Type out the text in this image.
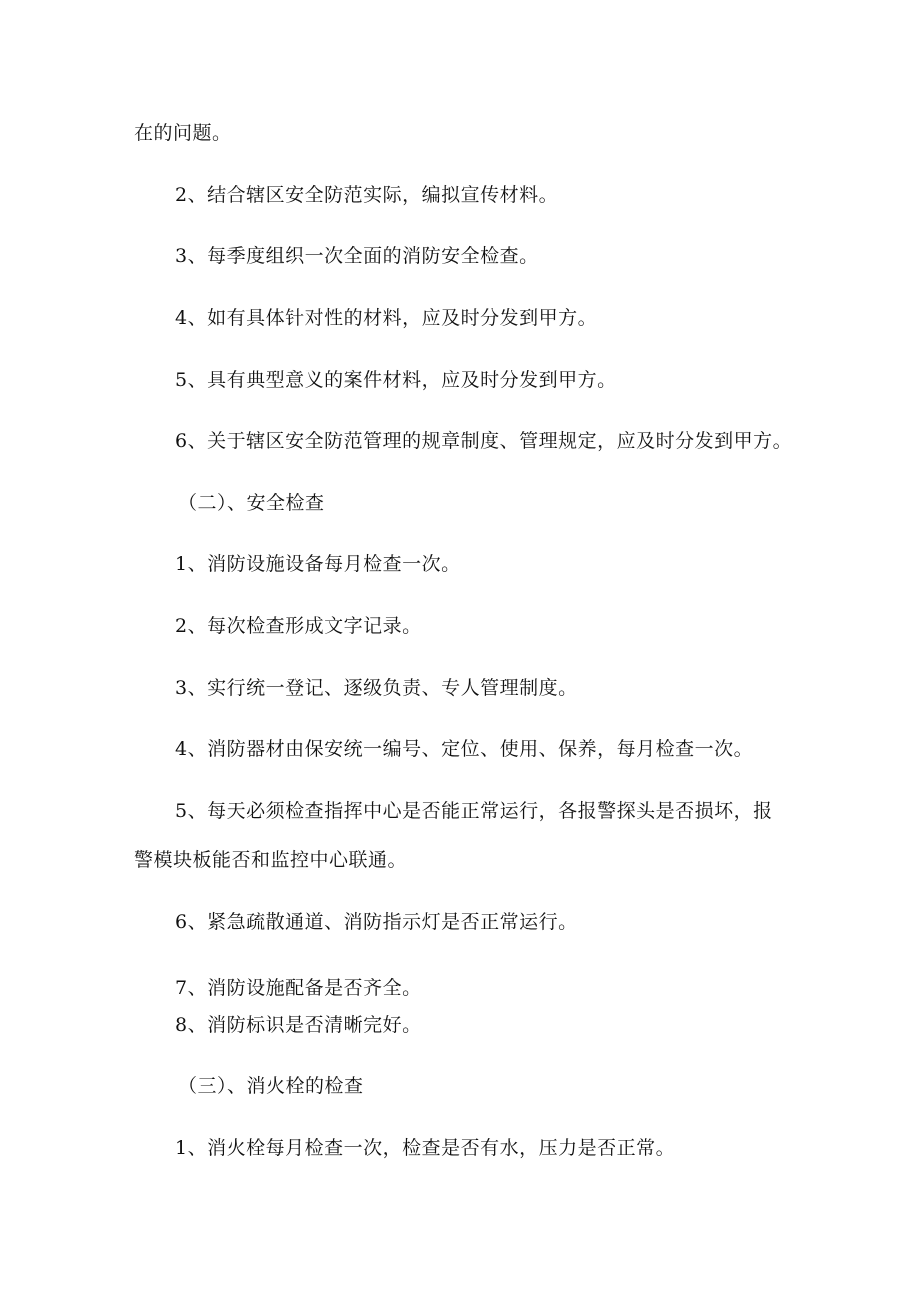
在的问题。
2、结合辖区安全防范实际，编拟宣传材料。
3、每季度组织一次全面的消防安全检查。
4、如有具体针对性的材料，应及时分发到甲方。
5、具有典型意义的案件材料，应及时分发到甲方。
6、关于辖区安全防范管理的规章制度、管理规定，应及时分发到甲方。
（二）、安全检查
1、消防设施设备每月检查一次。
2、每次检查形成文字记录。
3、实行统一登记、逐级负责、专人管理制度。
4、消防器材由保安统一编号、定位、使用、保养，每月检查一次。
5、每天必须检查指挥中心是否能正常运行，各报警探头是否损坏，报
警模块板能否和监控中心联通。
6、紧急疏散通道、消防指示灯是否正常运行。
7、消防设施配备是否齐全。
8、消防标识是否清晰完好。
（三）、消火栓的检查
1、消火栓每月检查一次，检查是否有水，压力是否正常。
